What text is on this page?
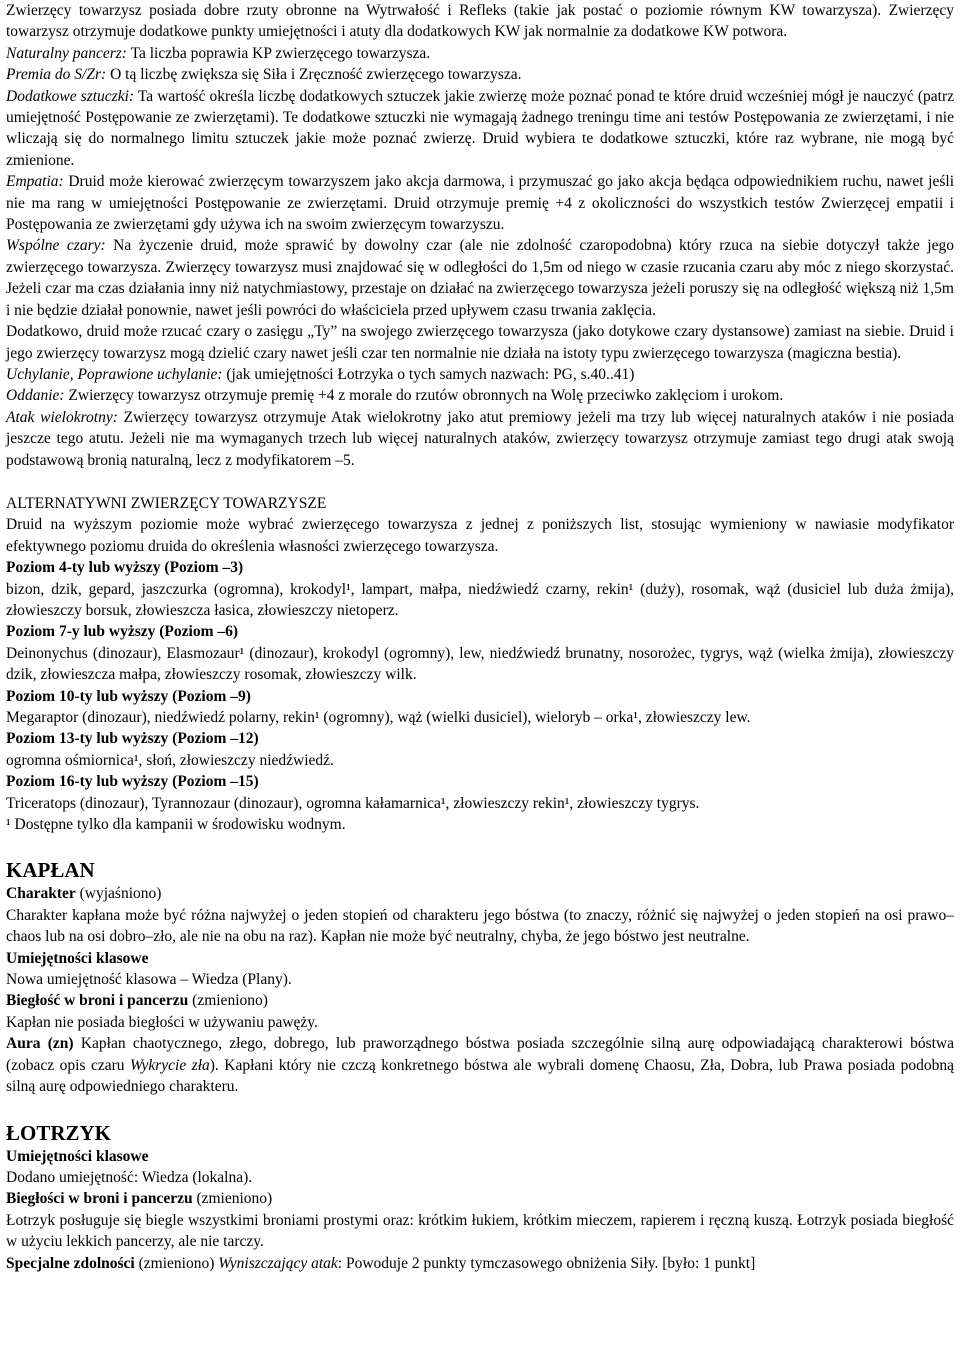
Zwierzęcy towarzysz posiada dobre rzuty obronne na Wytrwałość i Refleks (takie jak postać o poziomie równym KW towarzysza). Zwierzęcy towarzysz otrzymuje dodatkowe punkty umiejętności i atuty dla dodatkowych KW jak normalnie za dodatkowe KW potwora.

Naturalny pancerz: Ta liczba poprawia KP zwierzęcego towarzysza.

Premia do S/Zr: O tą liczbę zwiększa się Siła i Zręczność zwierzęcego towarzysza.

Dodatkowe sztuczki: Ta wartość określa liczbę dodatkowych sztuczek jakie zwierzę może poznać ponad te które druid wcześniej mógł je nauczyć (patrz umiejętność Postępowanie ze zwierzętami). Te dodatkowe sztuczki nie wymagają żadnego treningu time ani testów Postępowania ze zwierzętami, i nie wliczają się do normalnego limitu sztuczek jakie może poznać zwierzę. Druid wybiera te dodatkowe sztuczki, które raz wybrane, nie mogą być zmienione.

Empatia: Druid może kierować zwierzęcym towarzyszem jako akcja darmowa, i przymuszać go jako akcja będąca odpowiednikiem ruchu, nawet jeśli nie ma rang w umiejętności Postępowanie ze zwierzętami. Druid otrzymuje premię +4 z okoliczności do wszystkich testów Zwierzęcej empatii i Postępowania ze zwierzętami gdy używa ich na swoim zwierzęcym towarzyszu.

Wspólne czary: Na życzenie druid, może sprawić by dowolny czar (ale nie zdolność czaropodobna) który rzuca na siebie dotyczył także jego zwierzęcego towarzysza. Zwierzęcy towarzysz musi znajdować się w odległości do 1,5m od niego w czasie rzucania czaru aby móc z niego skorzystać. Jeżeli czar ma czas działania inny niż natychmiastowy, przestaje on działać na zwierzęcego towarzysza jeżeli poruszy się na odległość większą niż 1,5m i nie będzie działał ponownie, nawet jeśli powróci do właściciela przed upływem czasu trwania zaklęcia.

Dodatkowo, druid może rzucać czary o zasięgu „Ty” na swojego zwierzęcego towarzysza (jako dotykowe czary dystansowe) zamiast na siebie. Druid i jego zwierzęcy towarzysz mogą dzielić czary nawet jeśli czar ten normalnie nie działa na istoty typu zwierzęcego towarzysza (magiczna bestia).

Uchylanie, Poprawione uchylanie: (jak umiejętności Łotrzyka o tych samych nazwach: PG, s.40..41)

Oddanie: Zwierzęcy towarzysz otrzymuje premię +4 z morale do rzutów obronnych na Wolę przeciwko zaklęciom i urokom.

Atak wielokrotny: Zwierzęcy towarzysz otrzymuje Atak wielokrotny jako atut premiowy jeżeli ma trzy lub więcej naturalnych ataków i nie posiada jeszcze tego atutu. Jeżeli nie ma wymaganych trzech lub więcej naturalnych ataków, zwierzęcy towarzysz otrzymuje zamiast tego drugi atak swoją podstawową bronią naturalną, lecz z modyfikatorem –5.

ALTERNATYWNI ZWIERZĘCY TOWARZYSZE

Druid na wyższym poziomie może wybrać zwierzęcego towarzysza z jednej z poniższych list, stosując wymieniony w nawiasie modyfikator efektywnego poziomu druida do określenia własności zwierzęcego towarzysza.

Poziom 4-ty lub wyższy (Poziom –3)

bizon, dzik, gepard, jaszczurka (ogromna), krokodyl¹, lampart, małpa, niedźwiedź czarny, rekin¹ (duży), rosomak, wąż (dusiciel lub duża żmija), złowieszczy borsuk, złowieszcza łasica, złowieszczy nietoperz.

Poziom 7-y lub wyższy (Poziom –6)

Deinonychus (dinozaur), Elasmozaur¹ (dinozaur), krokodyl (ogromny), lew, niedźwiedź brunatny, nosorożec, tygrys, wąż (wielka żmija), złowieszczy dzik, złowieszcza małpa, złowieszczy rosomak, złowieszczy wilk.

Poziom 10-ty lub wyższy (Poziom –9)

Megaraptor (dinozaur), niedźwiedź polarny, rekin¹ (ogromny), wąż (wielki dusiciel), wieloryb – orka¹, złowieszczy lew.

Poziom 13-ty lub wyższy (Poziom –12)

ogromna ośmiornica¹, słoń, złowieszczy niedźwiedź.

Poziom 16-ty lub wyższy (Poziom –15)

Triceratops (dinozaur), Tyrannozaur (dinozaur), ogromna kałamarnica¹, złowieszczy rekin¹, złowieszczy tygrys.

¹ Dostępne tylko dla kampanii w środowisku wodnym.

KAPŁAN

Charakter (wyjaśniono)

Charakter kapłana może być różna najwyżej o jeden stopień od charakteru jego bóstwa (to znaczy, różnić się najwyżej o jeden stopień na osi prawo–chaos lub na osi dobro–zło, ale nie na obu na raz). Kapłan nie może być neutralny, chyba, że jego bóstwo jest neutralne.

Umiejętności klasowe

Nowa umiejętność klasowa – Wiedza (Plany).

Biegłość w broni i pancerzu (zmieniono)

Kapłan nie posiada biegłości w używaniu pawęży.

Aura (zn) Kapłan chaotycznego, złego, dobrego, lub praworządnego bóstwa posiada szczególnie silną aurę odpowiadającą charakterowi bóstwa (zobacz opis czaru Wykrycie zła). Kapłani który nie czczą konkretnego bóstwa ale wybrali domenę Chaosu, Zła, Dobra, lub Prawa posiada podobną silną aurę odpowiedniego charakteru.

ŁOTRZYK

Umiejętności klasowe

Dodano umiejętność: Wiedza (lokalna).

Biegłości w broni i pancerzu (zmieniono)

Łotrzyk posługuje się biegle wszystkimi broniami prostymi oraz: krótkim łukiem, krótkim mieczem, rapierem i ręczną kuszą. Łotrzyk posiada biegłość w użyciu lekkich pancerzy, ale nie tarczy.

Specjalne zdolności (zmieniono) Wyniszczający atak: Powoduje 2 punkty tymczasowego obniżenia Siły. [było: 1 punkt]
